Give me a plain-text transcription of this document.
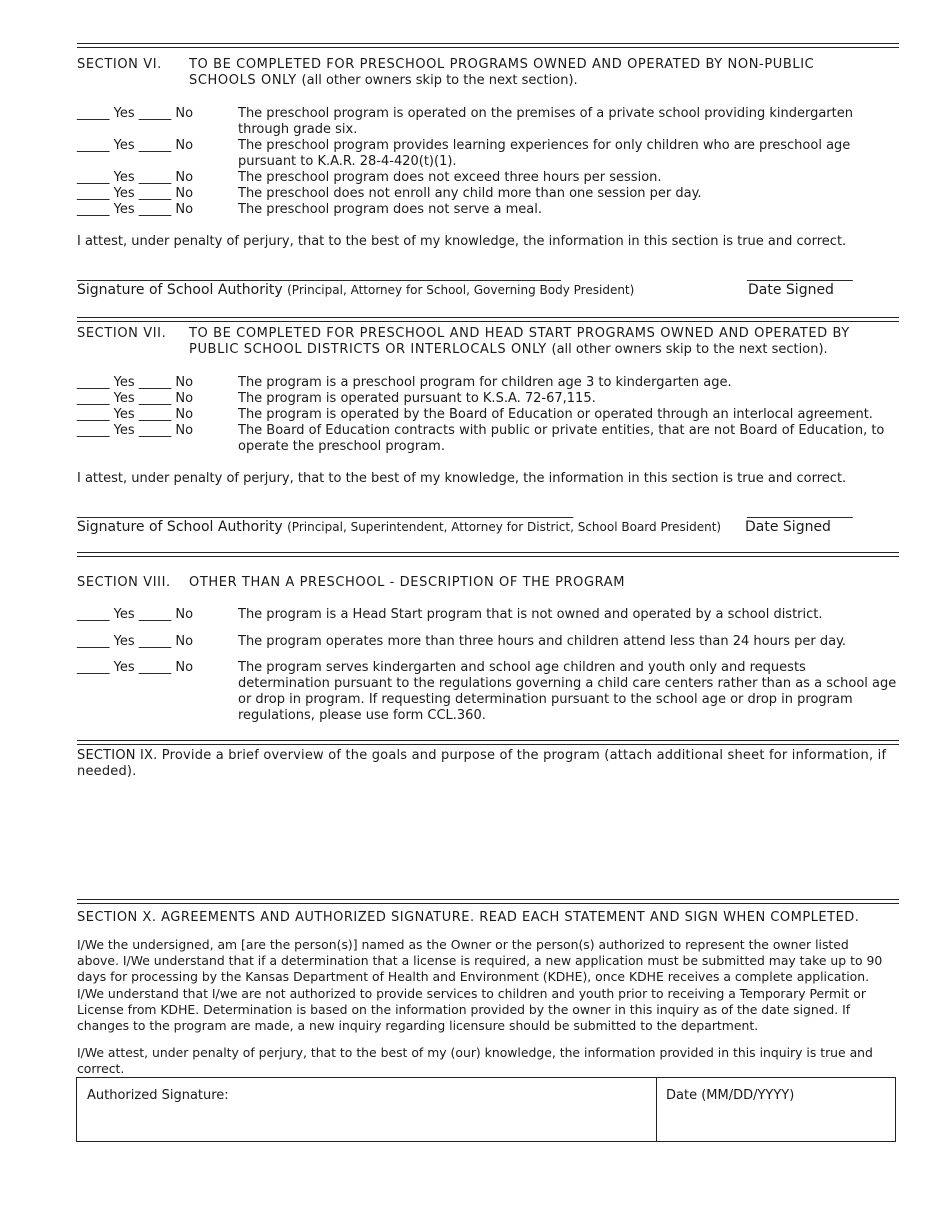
SECTION VI. TO BE COMPLETED FOR PRESCHOOL PROGRAMS OWNED AND OPERATED BY NON-PUBLIC SCHOOLS ONLY (all other owners skip to the next section).
_____ Yes _____ No	The preschool program is operated on the premises of a private school providing kindergarten through grade six.
_____ Yes _____ No	The preschool program provides learning experiences for only children who are preschool age pursuant to K.A.R. 28-4-420(t)(1).
_____ Yes _____ No	The preschool program does not exceed three hours per session.
_____ Yes _____ No	The preschool does not enroll any child more than one session per day.
_____ Yes _____ No	The preschool program does not serve a meal.
I attest, under penalty of perjury, that to the best of my knowledge, the information in this section is true and correct.
______________________________________________________________________________	_________________
Signature of School Authority (Principal, Attorney for School, Governing Body President)	Date Signed
SECTION VII. TO BE COMPLETED FOR PRESCHOOL AND HEAD START PROGRAMS OWNED AND OPERATED BY PUBLIC SCHOOL DISTRICTS OR INTERLOCALS ONLY (all other owners skip to the next section).
_____ Yes _____ No	The program is a preschool program for children age 3 to kindergarten age.
_____ Yes _____ No	The program is operated pursuant to K.S.A. 72-67,115.
_____ Yes _____ No	The program is operated by the Board of Education or operated through an interlocal agreement.
_____ Yes _____ No	The Board of Education contracts with public or private entities, that are not Board of Education, to operate the preschool program.
I attest, under penalty of perjury, that to the best of my knowledge, the information in this section is true and correct.
________________________________________________________________________________	_________________
Signature of School Authority (Principal, Superintendent, Attorney for District, School Board President) Date Signed
SECTION VIII. OTHER THAN A PRESCHOOL - DESCRIPTION OF THE PROGRAM
_____ Yes _____ No	The program is a Head Start program that is not owned and operated by a school district.
_____ Yes _____ No	The program operates more than three hours and children attend less than 24 hours per day.
_____ Yes _____ No	The program serves kindergarten and school age children and youth only and requests determination pursuant to the regulations governing a child care centers rather than as a school age or drop in program. If requesting determination pursuant to the school age or drop in program regulations, please use form CCL.360.
SECTION IX. Provide a brief overview of the goals and purpose of the program (attach additional sheet for information, if needed).
SECTION X. AGREEMENTS AND AUTHORIZED SIGNATURE. READ EACH STATEMENT AND SIGN WHEN COMPLETED.
I/We the undersigned, am [are the person(s)] named as the Owner or the person(s) authorized to represent the owner listed above. I/We understand that if a determination that a license is required, a new application must be submitted may take up to 90 days for processing by the Kansas Department of Health and Environment (KDHE), once KDHE receives a complete application. I/We understand that I/we are not authorized to provide services to children and youth prior to receiving a Temporary Permit or License from KDHE. Determination is based on the information provided by the owner in this inquiry as of the date signed. If changes to the program are made, a new inquiry regarding licensure should be submitted to the department.
I/We attest, under penalty of perjury, that to the best of my (our) knowledge, the information provided in this inquiry is true and correct.
Authorized Signature:	Date (MM/DD/YYYY)
